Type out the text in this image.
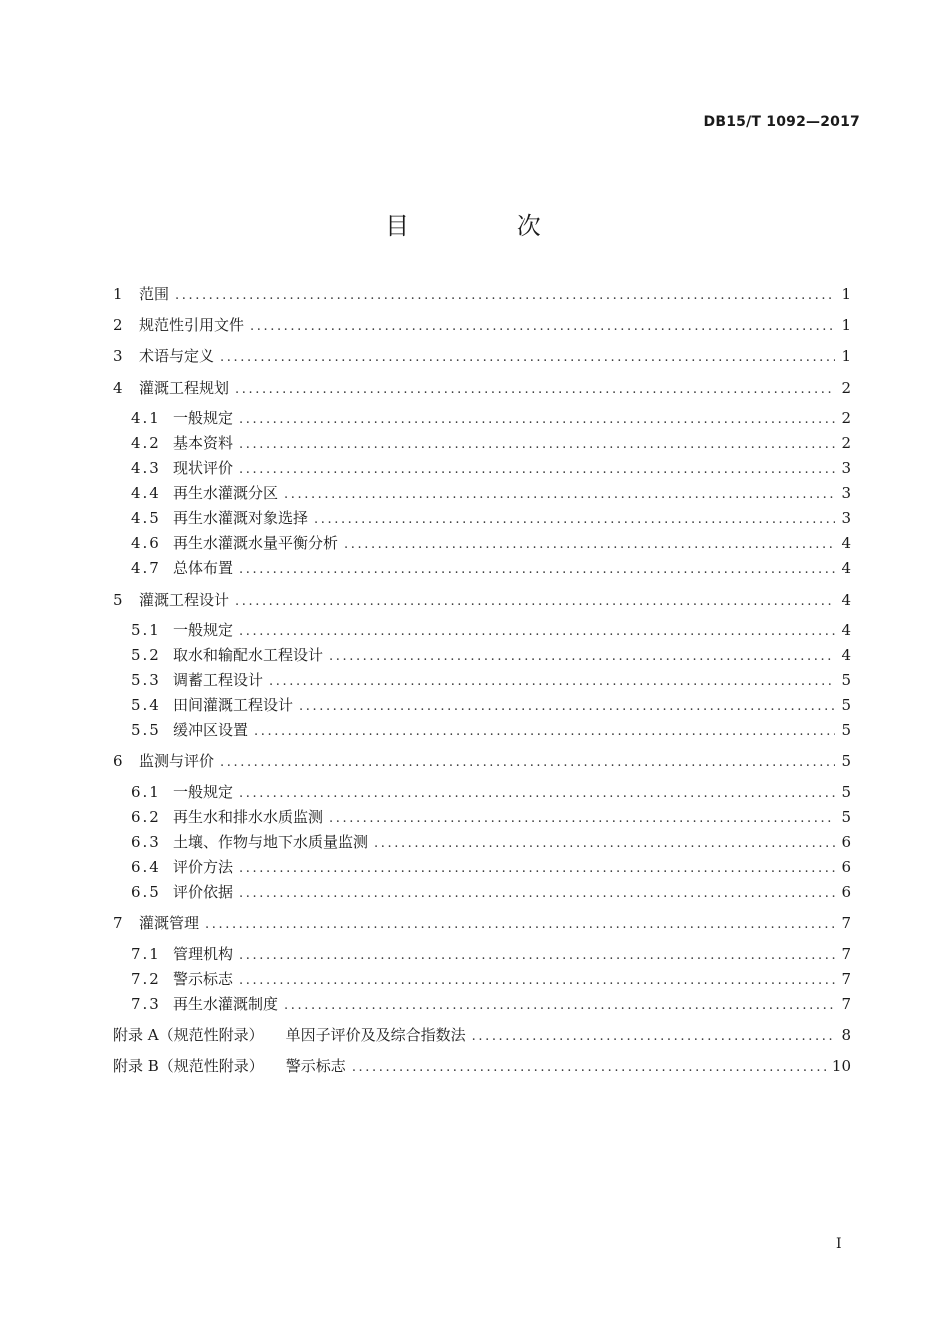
DB15/T 1092—2017
目 次
1	范围 .....	1
2	规范性引用文件 .....	1
3	术语与定义 .....	1
4	灌溉工程规划 .....	2
4.1 一般规定 .....	2
4.2 基本资料 .....	2
4.3 现状评价 .....	3
4.4 再生水灌溉分区 .....	3
4.5 再生水灌溉对象选择 .....	3
4.6 再生水灌溉水量平衡分析 .....	4
4.7 总体布置 .....	4
5	灌溉工程设计 .....	4
5.1 一般规定 .....	4
5.2 取水和输配水工程设计 .....	4
5.3 调蓄工程设计 .....	5
5.4 田间灌溉工程设计 .....	5
5.5 缓冲区设置 .....	5
6	监测与评价 .....	5
6.1 一般规定 .....	5
6.2 再生水和排水水质监测 .....	5
6.3 土壤、作物与地下水质量监测 .....	6
6.4 评价方法 .....	6
6.5 评价依据 .....	6
7	灌溉管理 .....	7
7.1 管理机构 .....	7
7.2 警示标志 .....	7
7.3 再生水灌溉制度 .....	7
附录 A（规范性附录） 单因子评价及及综合指数法 .....	8
附录 B（规范性附录） 警示标志 .....	10
I
